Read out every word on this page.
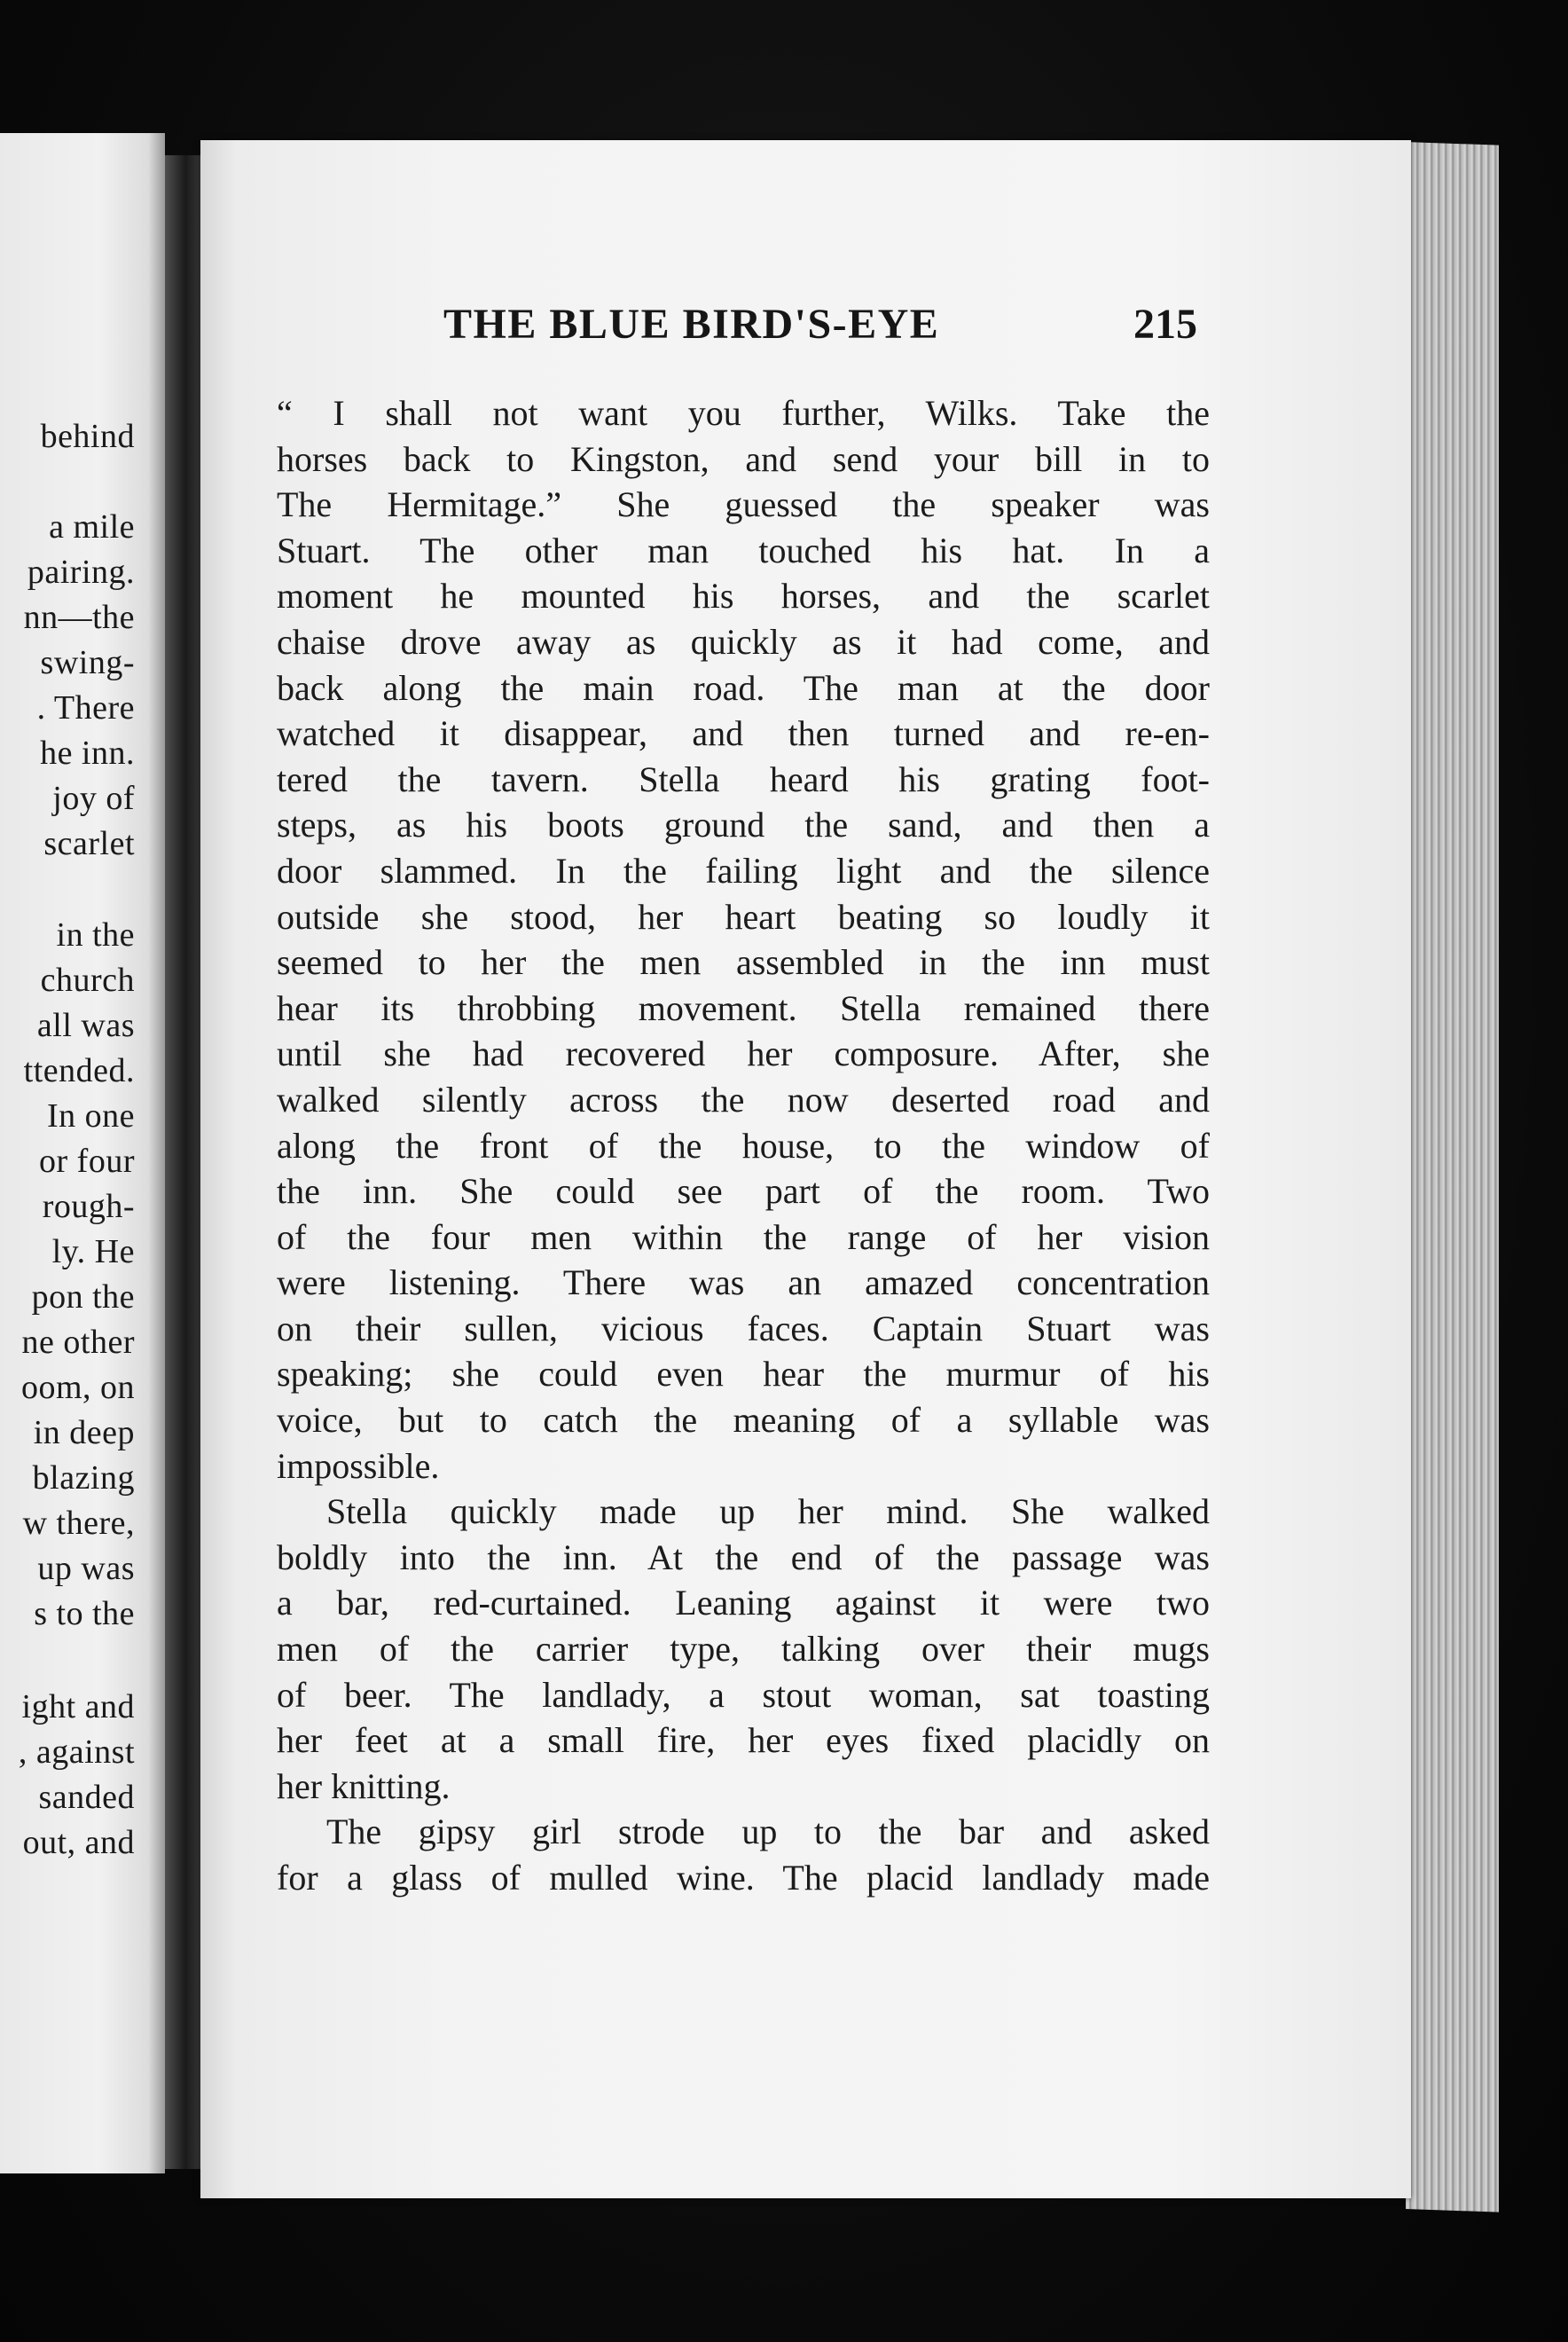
behind
a mile
pairing.
nn—the
swing-
. There
he inn.
joy of
scarlet
in the
church
all was
ttended.
In one
or four
rough-
ly. He
pon the
ne other
oom, on
in deep
blazing
w there,
up was
s to the
ight and
, against
sanded
out, and
THE BLUE BIRD'S-EYE	215
“ I shall not want you further, Wilks. Take the
horses back to Kingston, and send your bill in to
The Hermitage.” She guessed the speaker was
Stuart. The other man touched his hat. In a
moment he mounted his horses, and the scarlet
chaise drove away as quickly as it had come, and
back along the main road. The man at the door
watched it disappear, and then turned and re-en-
tered the tavern. Stella heard his grating foot-
steps, as his boots ground the sand, and then a
door slammed. In the failing light and the silence
outside she stood, her heart beating so loudly it
seemed to her the men assembled in the inn must
hear its throbbing movement. Stella remained there
until she had recovered her composure. After, she
walked silently across the now deserted road and
along the front of the house, to the window of
the inn. She could see part of the room. Two
of the four men within the range of her vision
were listening. There was an amazed concentration
on their sullen, vicious faces. Captain Stuart was
speaking; she could even hear the murmur of his
voice, but to catch the meaning of a syllable was
impossible.
Stella quickly made up her mind. She walked
boldly into the inn. At the end of the passage was
a bar, red-curtained. Leaning against it were two
men of the carrier type, talking over their mugs
of beer. The landlady, a stout woman, sat toasting
her feet at a small fire, her eyes fixed placidly on
her knitting.
The gipsy girl strode up to the bar and asked
for a glass of mulled wine. The placid landlady made
